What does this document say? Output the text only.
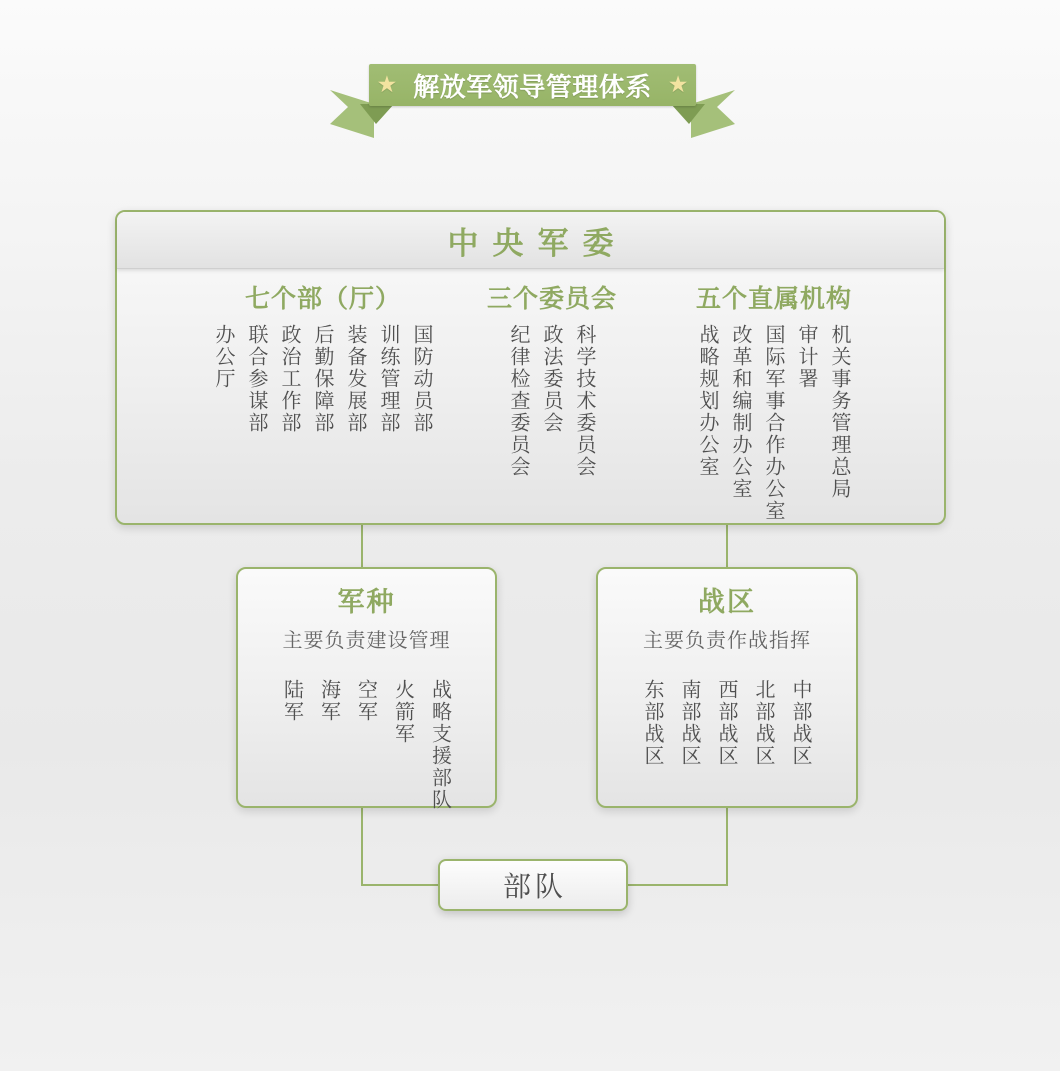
★ 解放军领导管理体系 ★
中央军委
七个部（厅）
办公厅 联合参谋部 政治工作部 后勤保障部 装备发展部 训练管理部 国防动员部
三个委员会
纪律检查委员会 政法委员会 科学技术委员会
五个直属机构
战略规划办公室 改革和编制办公室 国际军事合作办公室 审计署 机关事务管理总局
军种
主要负责建设管理
陆军 海军 空军 火箭军 战略支援部队
战区
主要负责作战指挥
东部战区 南部战区 西部战区 北部战区 中部战区
部队
